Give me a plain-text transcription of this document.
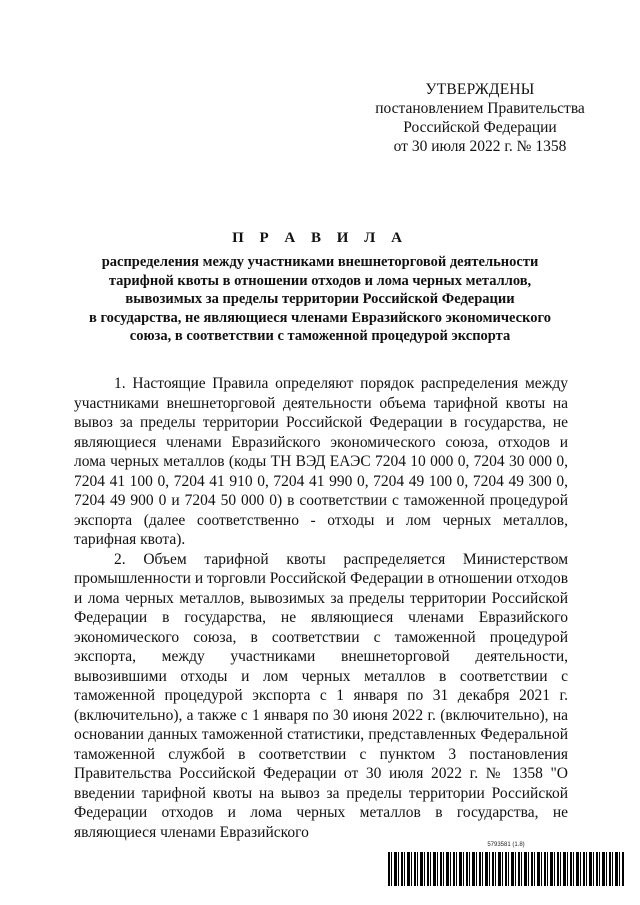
УТВЕРЖДЕНЫ
постановлением Правительства
Российской Федерации
от 30 июля 2022 г. № 1358
П Р А В И Л А
распределения между участниками внешнеторговой деятельности
тарифной квоты в отношении отходов и лома черных металлов,
вывозимых за пределы территории Российской Федерации
в государства, не являющиеся членами Евразийского экономического
союза, в соответствии с таможенной процедурой экспорта

1. Настоящие Правила определяют порядок распределения между участниками внешнеторговой деятельности объема тарифной квоты на вывоз за пределы территории Российской Федерации в государства, не являющиеся членами Евразийского экономического союза, отходов и лома черных металлов (коды ТН ВЭД ЕАЭС 7204 10 000 0, 7204 30 000 0, 7204 41 100 0, 7204 41 910 0, 7204 41 990 0, 7204 49 100 0, 7204 49 300 0, 7204 49 900 0 и 7204 50 000 0) в соответствии с таможенной процедурой экспорта (далее соответственно - отходы и лом черных металлов, тарифная квота).

2. Объем тарифной квоты распределяется Министерством промышленности и торговли Российской Федерации в отношении отходов и лома черных металлов, вывозимых за пределы территории Российской Федерации в государства, не являющиеся членами Евразийского экономического союза, в соответствии с таможенной процедурой экспорта, между участниками внешнеторговой деятельности, вывозившими отходы и лом черных металлов в соответствии с таможенной процедурой экспорта с 1 января по 31 декабря 2021 г. (включительно), а также с 1 января по 30 июня 2022 г. (включительно), на основании данных таможенной статистики, представленных Федеральной таможенной службой в соответствии с пунктом 3 постановления Правительства Российской Федерации от 30 июля 2022 г. № 1358 "О введении тарифной квоты на вывоз за пределы территории Российской Федерации отходов и лома черных металлов в государства, не являющиеся членами Евразийского

5793581 (1.8)
